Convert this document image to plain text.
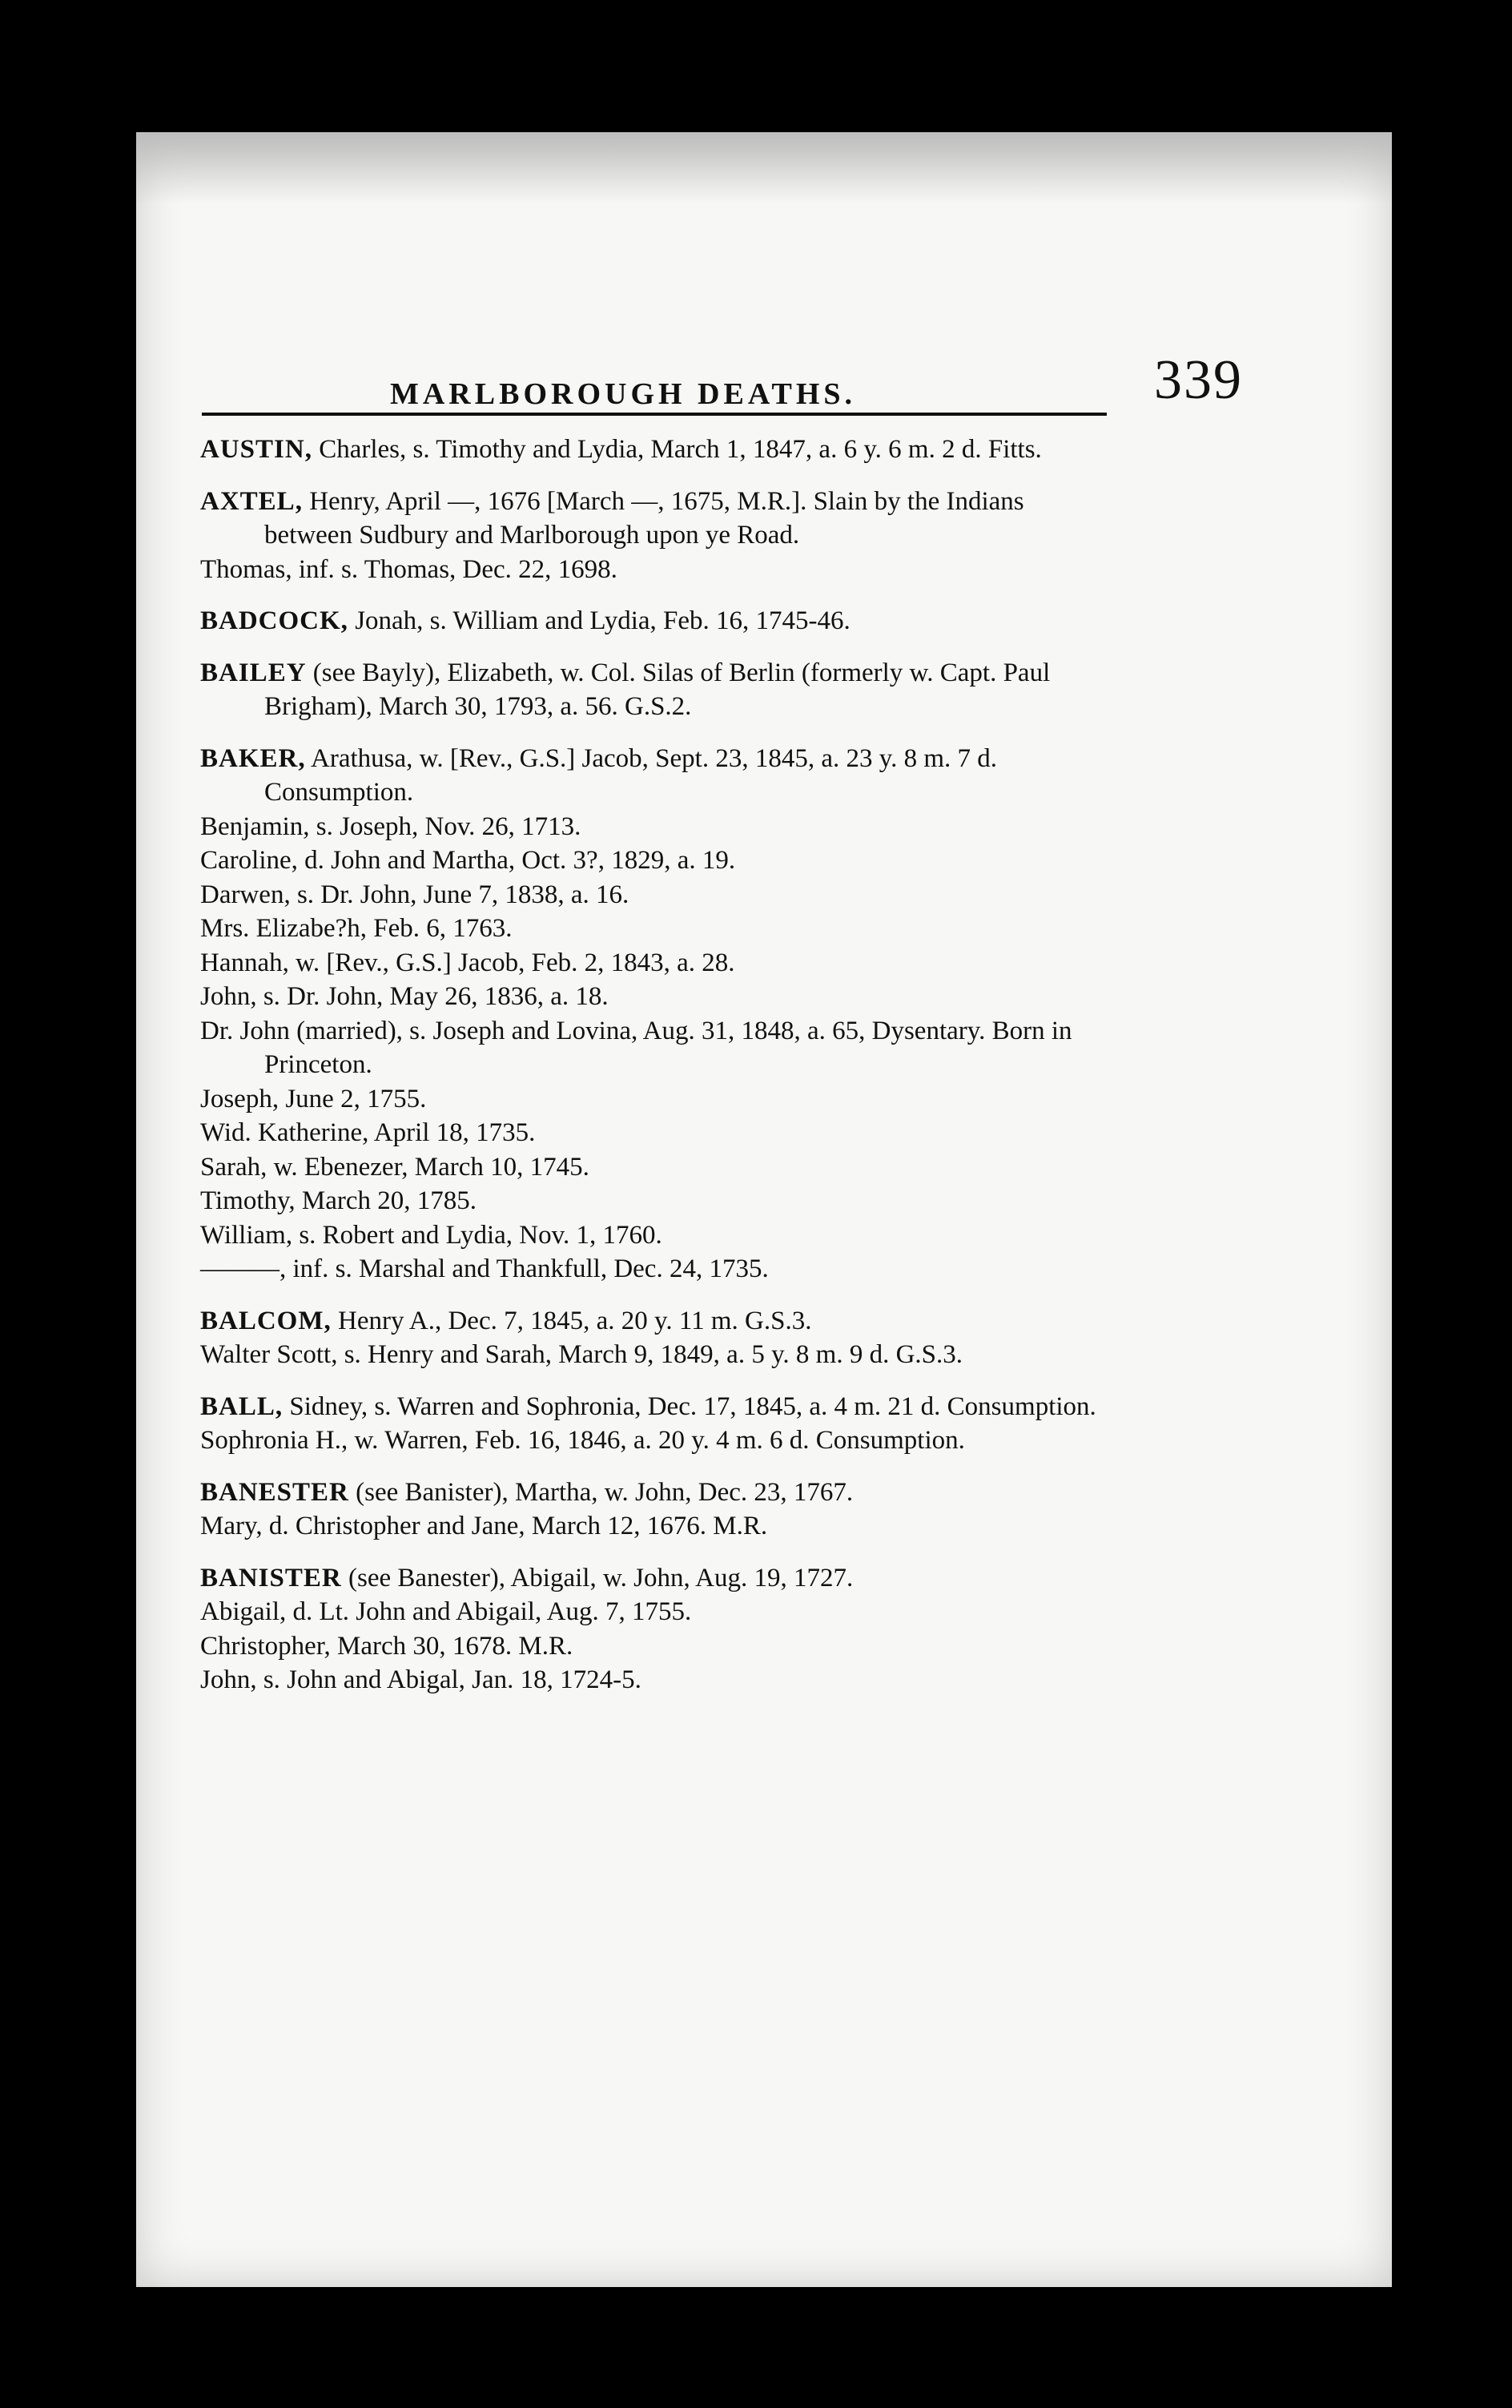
MARLBOROUGH DEATHS.	339
AUSTIN, Charles, s. Timothy and Lydia, March 1, 1847, a. 6 y. 6 m. 2 d. Fitts.
AXTEL, Henry, April —, 1676 [March —, 1675, M.R.]. Slain by the Indians between Sudbury and Marlborough upon ye Road.
Thomas, inf. s. Thomas, Dec. 22, 1698.
BADCOCK, Jonah, s. William and Lydia, Feb. 16, 1745-46.
BAILEY (see Bayly), Elizabeth, w. Col. Silas of Berlin (formerly w. Capt. Paul Brigham), March 30, 1793, a. 56. G.S.2.
BAKER, Arathusa, w. [Rev., G.S.] Jacob, Sept. 23, 1845, a. 23 y. 8 m. 7 d. Consumption.
Benjamin, s. Joseph, Nov. 26, 1713.
Caroline, d. John and Martha, Oct. 3?, 1829, a. 19.
Darwen, s. Dr. John, June 7, 1838, a. 16.
Mrs. Elizabe?h, Feb. 6, 1763.
Hannah, w. [Rev., G.S.] Jacob, Feb. 2, 1843, a. 28.
John, s. Dr. John, May 26, 1836, a. 18.
Dr. John (married), s. Joseph and Lovina, Aug. 31, 1848, a. 65, Dysentary. Born in Princeton.
Joseph, June 2, 1755.
Wid. Katherine, April 18, 1735.
Sarah, w. Ebenezer, March 10, 1745.
Timothy, March 20, 1785.
William, s. Robert and Lydia, Nov. 1, 1760.
———, inf. s. Marshal and Thankfull, Dec. 24, 1735.
BALCOM, Henry A., Dec. 7, 1845, a. 20 y. 11 m. G.S.3.
Walter Scott, s. Henry and Sarah, March 9, 1849, a. 5 y. 8 m. 9 d. G.S.3.
BALL, Sidney, s. Warren and Sophronia, Dec. 17, 1845, a. 4 m. 21 d. Consumption.
Sophronia H., w. Warren, Feb. 16, 1846, a. 20 y. 4 m. 6 d. Consumption.
BANESTER (see Banister), Martha, w. John, Dec. 23, 1767.
Mary, d. Christopher and Jane, March 12, 1676. M.R.
BANISTER (see Banester), Abigail, w. John, Aug. 19, 1727.
Abigail, d. Lt. John and Abigail, Aug. 7, 1755.
Christopher, March 30, 1678. M.R.
John, s. John and Abigal, Jan. 18, 1724-5.
